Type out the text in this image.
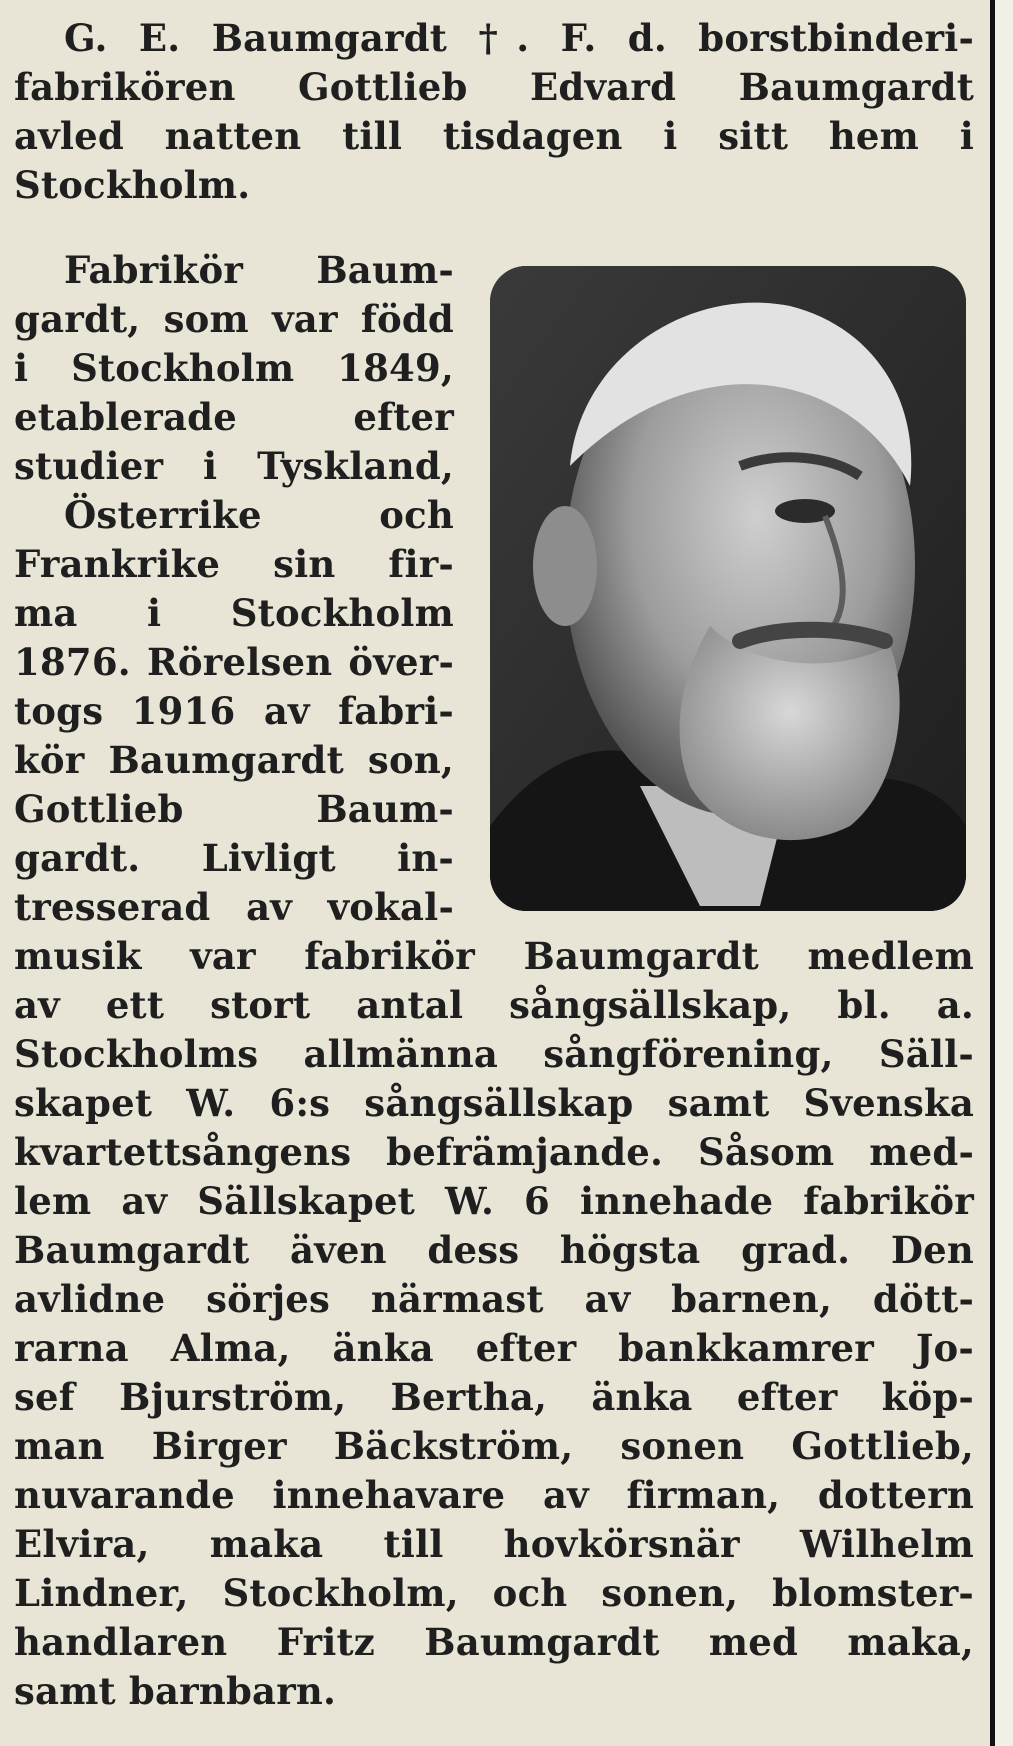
G. E. Baumgardt †. F. d. borstbinderi-

fabrikören Gottlieb Edvard Baumgardt

avled natten till tisdagen i sitt hem i

Stockholm.

Fabrikör Baum-

gardt, som var född

i Stockholm 1849,

etablerade efter

studier i Tyskland,

Österrike och

Frankrike sin fir-

ma i Stockholm

1876. Rörelsen över-

togs 1916 av fabri-

kör Baumgardt son,

Gottlieb Baum-

gardt. Livligt in-

tresserad av vokal-

musik var fabrikör Baumgardt medlem

av ett stort antal sångsällskap, bl. a.

Stockholms allmänna sångförening, Säll-

skapet W. 6:s sångsällskap samt Svenska

kvartettsångens befrämjande. Såsom med-

lem av Sällskapet W. 6 innehade fabrikör

Baumgardt även dess högsta grad. Den

avlidne sörjes närmast av barnen, dött-

rarna Alma, änka efter bankkamrer Jo-

sef Bjurström, Bertha, änka efter köp-

man Birger Bäckström, sonen Gottlieb,

nuvarande innehavare av firman, dottern

Elvira, maka till hovkörsnär Wilhelm

Lindner, Stockholm, och sonen, blomster-

handlaren Fritz Baumgardt med maka,

samt barnbarn.
